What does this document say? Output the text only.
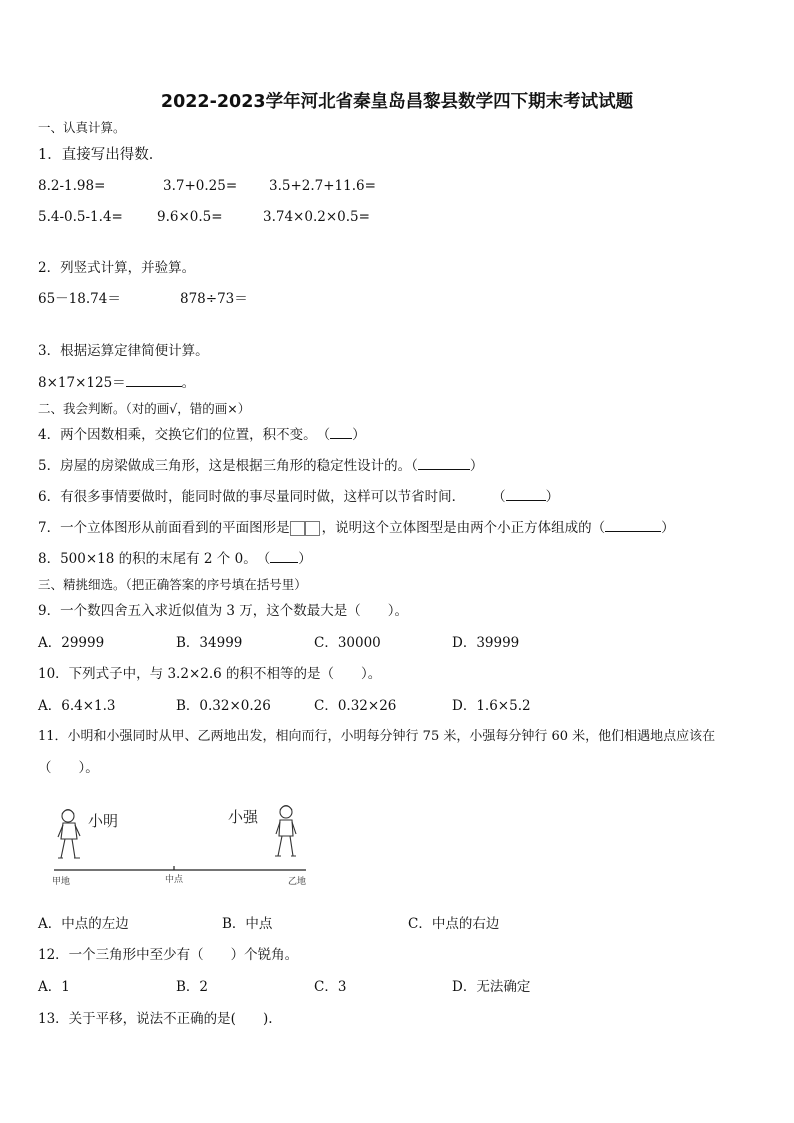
2022-2023学年河北省秦皇岛昌黎县数学四下期末考试试题
一、认真计算。
1．直接写出得数．
8.2-1.98=	3.7+0.25= 3.5+2.7+11.6=
5.4-0.5-1.4=	9.6×0.5=	3.74×0.2×0.5=
2．列竖式计算，并验算。
65－18.74＝	878÷73＝
3．根据运算定律简便计算。
8×17×125＝	。
二、我会判断。（对的画√，错的画×）
4．两个因数相乘，交换它们的位置，积不变。　 （ ）
5．房屋的房梁做成三角形，这是根据三角形的稳定性设计的。（	）
6．有很多事情要做时，能同时做的事尽量同时做，这样可以节省时间．　　　	（	）
7．一个立体图形从前面看到的平面图形是 ，说明这个立体图型是由两个小正方体组成的（	）
8．500×18 的积的末尾有 2 个 0。　 （ ）
三、精挑细选。（把正确答案的序号填在括号里）
9．一个数四舍五入求近似值为 3 万，这个数最大是（　　）。
A．29999	B．34999	C．30000	D．39999
10．下列式子中，与 3.2×2.6 的积不相等的是（　　）。
A．6.4×1.3	B．0.32×0.26	C．0.32×26	D．1.6×5.2
11．小明和小强同时从甲、乙两地出发，相向而行，小明每分钟行 75 米，小强每分钟行 60 米，他们相遇地点应该在
（　　）。
小明	小强
甲地	中点	乙地
A．中点的左边	B．中点	C．中点的右边
12．一个三角形中至少有（　　）个锐角。
A．1	B．2	C．3	D．无法确定
13．关于平移，说法不正确的是(　　).
